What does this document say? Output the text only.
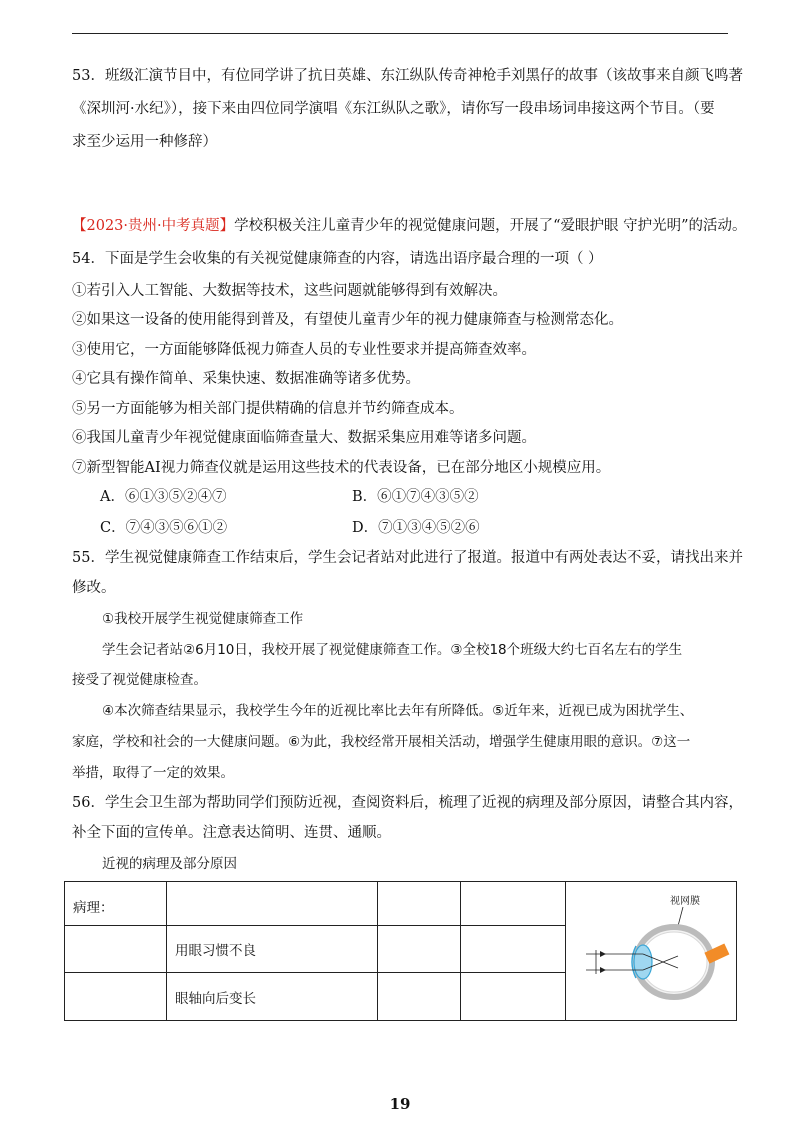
53．班级汇演节目中，有位同学讲了抗日英雄、东江纵队传奇神枪手刘黑仔的故事（该故事来自颜飞鸣著
《深圳河·水纪》），接下来由四位同学演唱《东江纵队之歌》，请你写一段串场词串接这两个节目。（要
求至少运用一种修辞）
【2023·贵州·中考真题】学校积极关注儿童青少年的视觉健康问题，开展了“爱眼护眼 守护光明”的活动。
54．下面是学生会收集的有关视觉健康筛查的内容，请选出语序最合理的一项（ ）
①若引入人工智能、大数据等技术，这些问题就能够得到有效解决。
②如果这一设备的使用能得到普及，有望使儿童青少年的视力健康筛查与检测常态化。
③使用它，一方面能够降低视力筛查人员的专业性要求并提高筛查效率。
④它具有操作简单、采集快速、数据准确等诸多优势。
⑤另一方面能够为相关部门提供精确的信息并节约筛查成本。
⑥我国儿童青少年视觉健康面临筛查量大、数据采集应用难等诸多问题。
⑦新型智能AI视力筛查仪就是运用这些技术的代表设备，已在部分地区小规模应用。
A．⑥①③⑤②④⑦	B．⑥①⑦④③⑤②
C．⑦④③⑤⑥①②	D．⑦①③④⑤②⑥
55．学生视觉健康筛查工作结束后，学生会记者站对此进行了报道。报道中有两处表达不妥，请找出来并
修改。
①我校开展学生视觉健康筛查工作
学生会记者站②6月10日，我校开展了视觉健康筛查工作。③全校18个班级大约七百名左右的学生
接受了视觉健康检查。
④本次筛查结果显示，我校学生今年的近视比率比去年有所降低。⑤近年来，近视已成为困扰学生、
家庭，学校和社会的一大健康问题。⑥为此，我校经常开展相关活动，增强学生健康用眼的意识。⑦这一
举措，取得了一定的效果。
56．学生会卫生部为帮助同学们预防近视，查阅资料后，梳理了近视的病理及部分原因，请整合其内容，
补全下面的宣传单。注意表达简明、连贯、通顺。
近视的病理及部分原因
病理：				视网膜

	用眼习惯不良			
	眼轴向后变长			
19
